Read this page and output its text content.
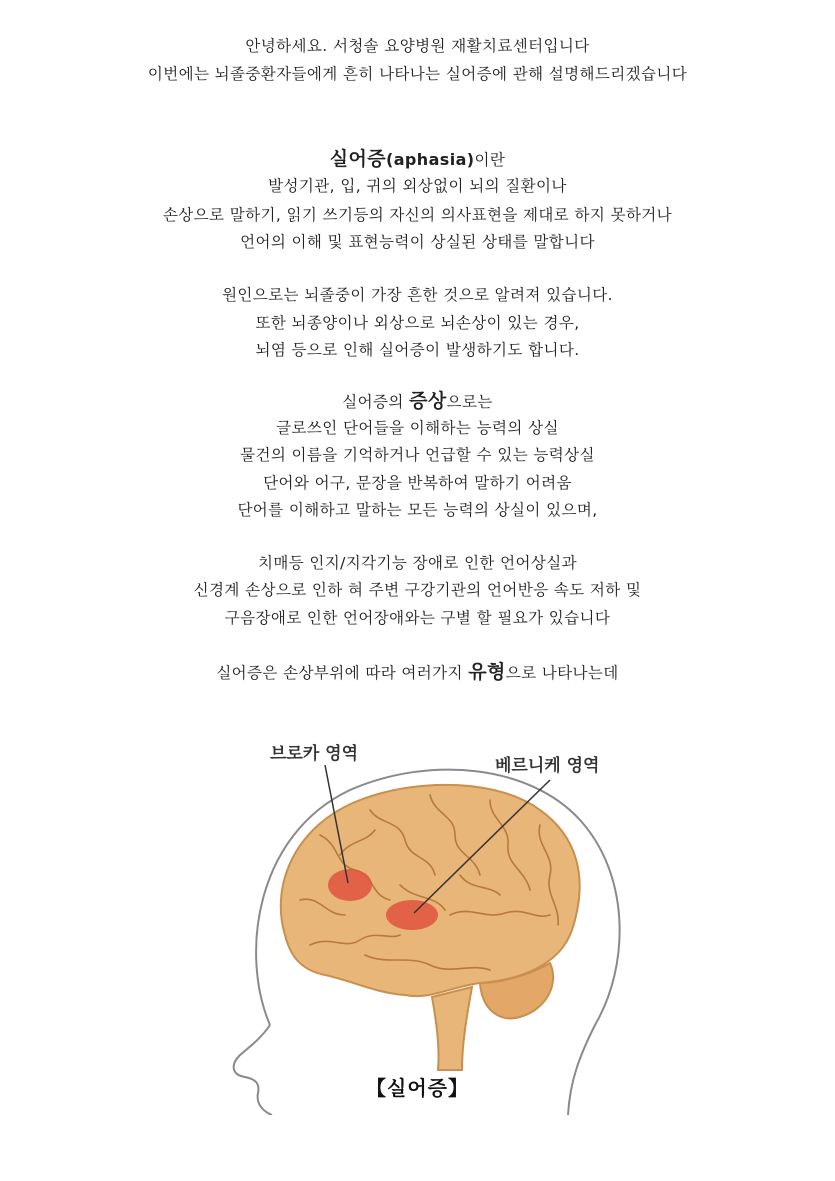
안녕하세요. 서청솔 요양병원 재활치료센터입니다
이번에는 뇌졸중환자들에게 흔히 나타나는 실어증에 관해 설명해드리겠습니다
실어증(aphasia)이란
발성기관, 입, 귀의 외상없이 뇌의 질환이나
손상으로 말하기, 읽기 쓰기등의 자신의 의사표현을 제대로 하지 못하거나
언어의 이해 및 표현능력이 상실된 상태를 말합니다
원인으로는 뇌졸중이 가장 흔한 것으로 알려져 있습니다.
또한 뇌종양이나 외상으로 뇌손상이 있는 경우,
뇌염 등으로 인해 실어증이 발생하기도 합니다.
실어증의 증상으로는
글로쓰인 단어들을 이해하는 능력의 상실
물건의 이름을 기억하거나 언급할 수 있는 능력상실
단어와 어구, 문장을 반복하여 말하기 어려움
단어를 이해하고 말하는 모든 능력의 상실이 있으며,
치매등 인지/지각기능 장애로 인한 언어상실과
신경계 손상으로 인하 혀 주변 구강기관의 언어반응 속도 저하 및
구음장애로 인한 언어장애와는 구별 할 필요가 있습니다
실어증은 손상부위에 따라 여러가지 유형으로 나타나는데
브로카 영역
베르니케 영역
【실어증】
